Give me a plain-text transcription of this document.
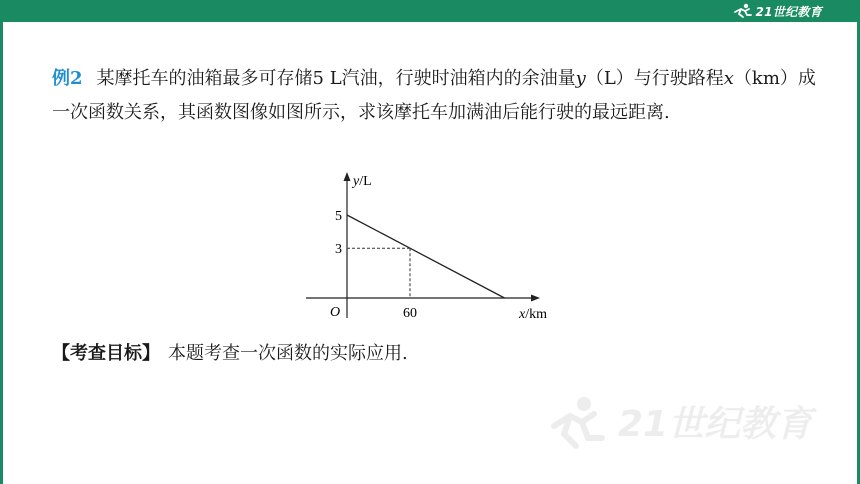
21世纪教育
例2 某摩托车的油箱最多可存储5 L汽油，行驶时油箱内的余油量y（L）与行驶路程x（km）成一次函数关系，其函数图像如图所示，求该摩托车加满油后能行驶的最远距离.
y/L
x/km
O
5
3
60
【考查目标】 本题考查一次函数的实际应用.
21世纪教育
